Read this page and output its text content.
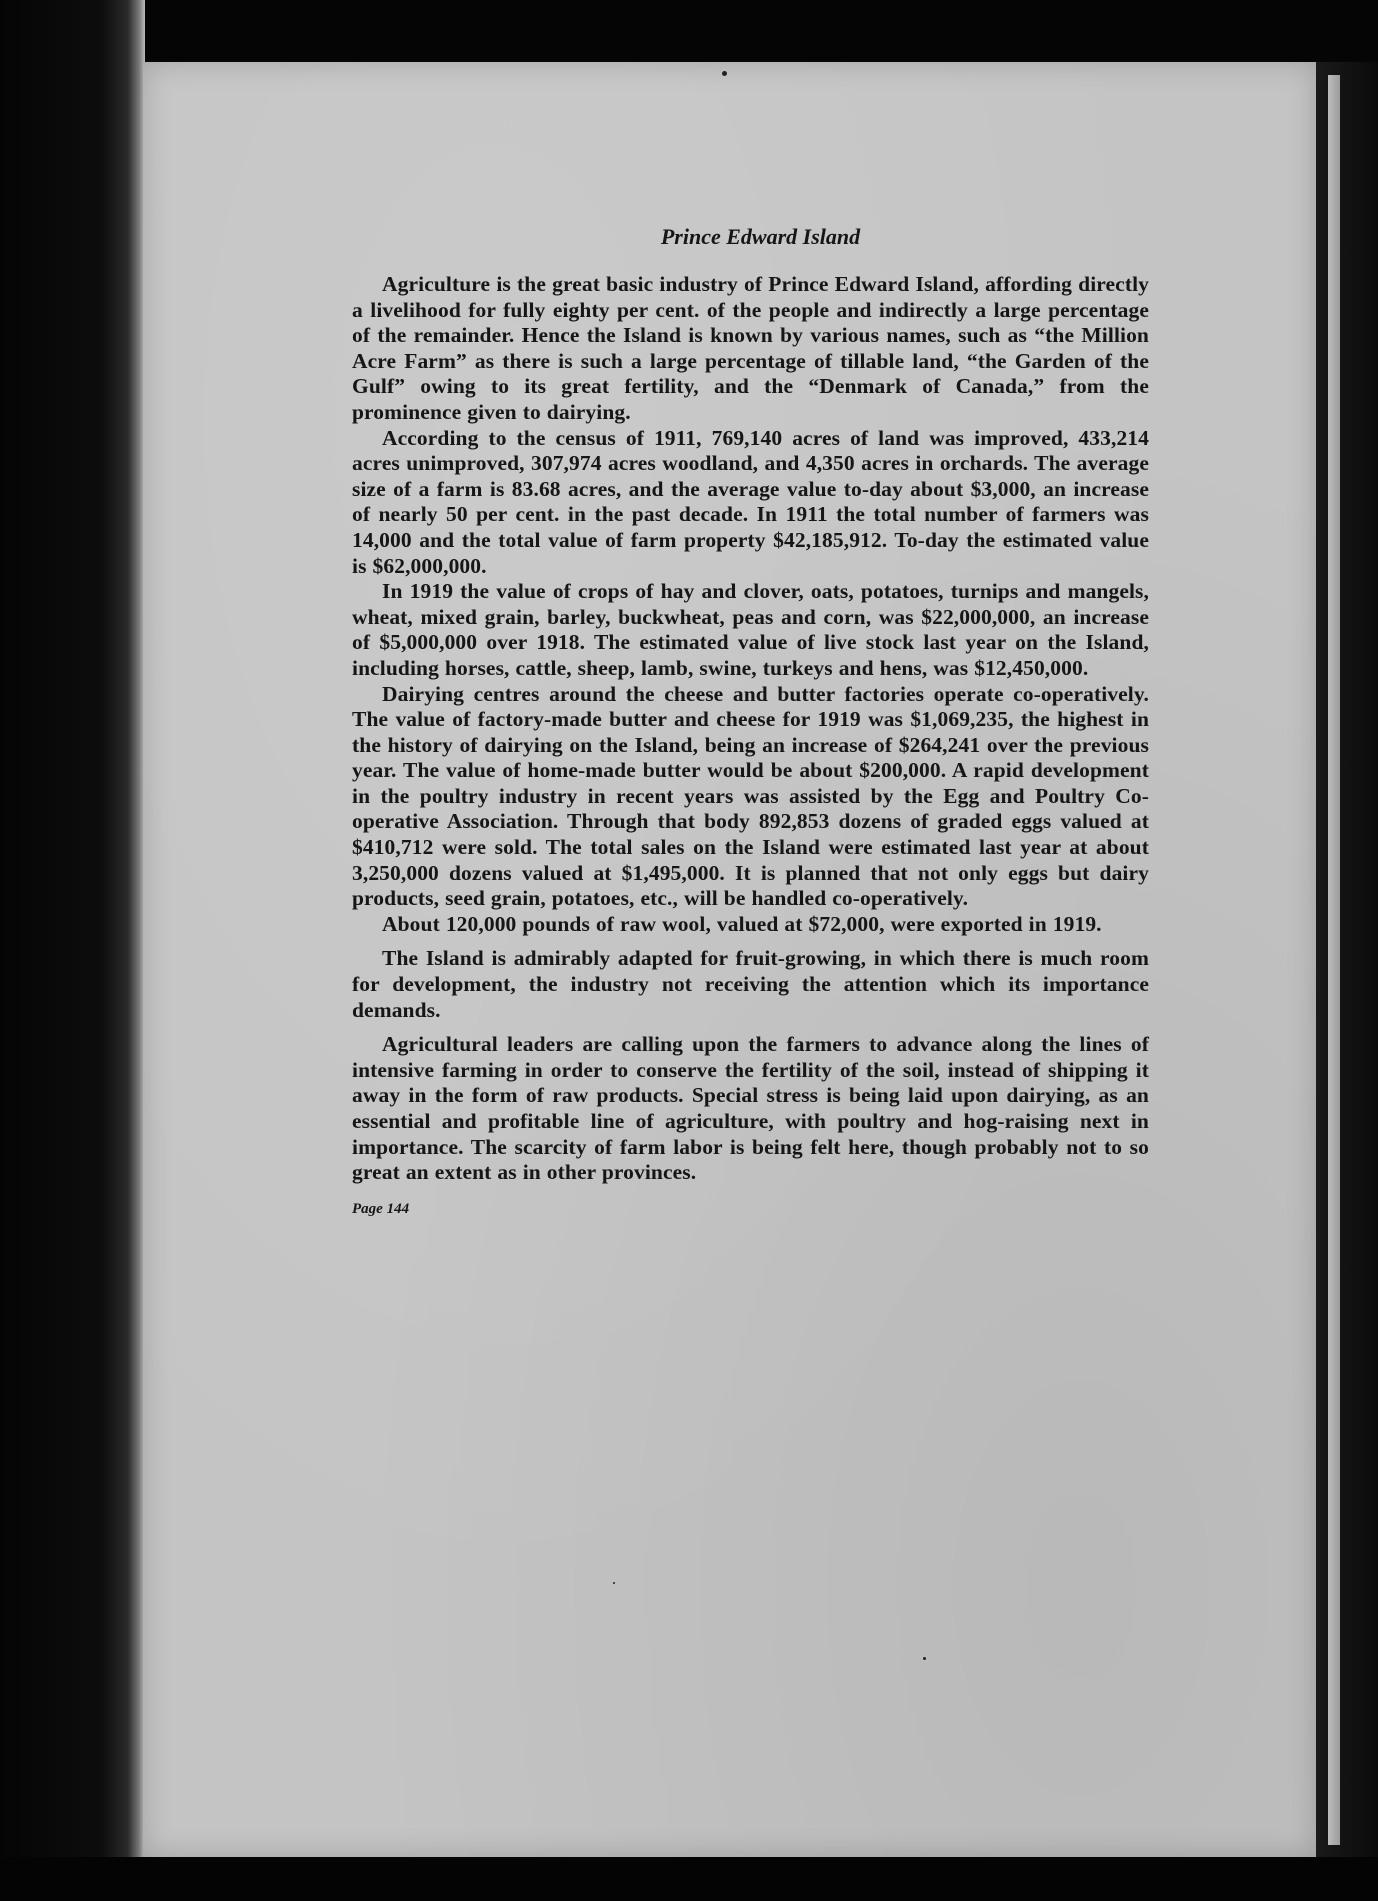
Prince Edward Island

Agriculture is the great basic industry of Prince Edward Island, affording directly a livelihood for fully eighty per cent. of the people and indirectly a large percentage of the remainder. Hence the Island is known by various names, such as “the Million Acre Farm” as there is such a large percentage of tillable land, “the Garden of the Gulf” owing to its great fertility, and the “Denmark of Canada,” from the prominence given to dairying.

According to the census of 1911, 769,140 acres of land was improved, 433,214 acres unimproved, 307,974 acres woodland, and 4,350 acres in orchards. The average size of a farm is 83.68 acres, and the average value to-day about $3,000, an increase of nearly 50 per cent. in the past decade. In 1911 the total number of farmers was 14,000 and the total value of farm property $42,185,912. To-day the estimated value is $62,000,000.

In 1919 the value of crops of hay and clover, oats, potatoes, turnips and mangels, wheat, mixed grain, barley, buckwheat, peas and corn, was $22,000,000, an increase of $5,000,000 over 1918. The estimated value of live stock last year on the Island, including horses, cattle, sheep, lamb, swine, turkeys and hens, was $12,450,000.

Dairying centres around the cheese and butter factories operate co-operatively. The value of factory-made butter and cheese for 1919 was $1,069,235, the highest in the history of dairying on the Island, being an increase of $264,241 over the previous year. The value of home-made butter would be about $200,000. A rapid development in the poultry industry in recent years was assisted by the Egg and Poultry Co-operative Association. Through that body 892,853 dozens of graded eggs valued at $410,712 were sold. The total sales on the Island were estimated last year at about 3,250,000 dozens valued at $1,495,000. It is planned that not only eggs but dairy products, seed grain, potatoes, etc., will be handled co-operatively.

About 120,000 pounds of raw wool, valued at $72,000, were exported in 1919.

The Island is admirably adapted for fruit-growing, in which there is much room for development, the industry not receiving the attention which its importance demands.

Agricultural leaders are calling upon the farmers to advance along the lines of intensive farming in order to conserve the fertility of the soil, instead of shipping it away in the form of raw products. Special stress is being laid upon dairying, as an essential and profitable line of agriculture, with poultry and hog-raising next in importance. The scarcity of farm labor is being felt here, though probably not to so great an extent as in other provinces.

Page 144
